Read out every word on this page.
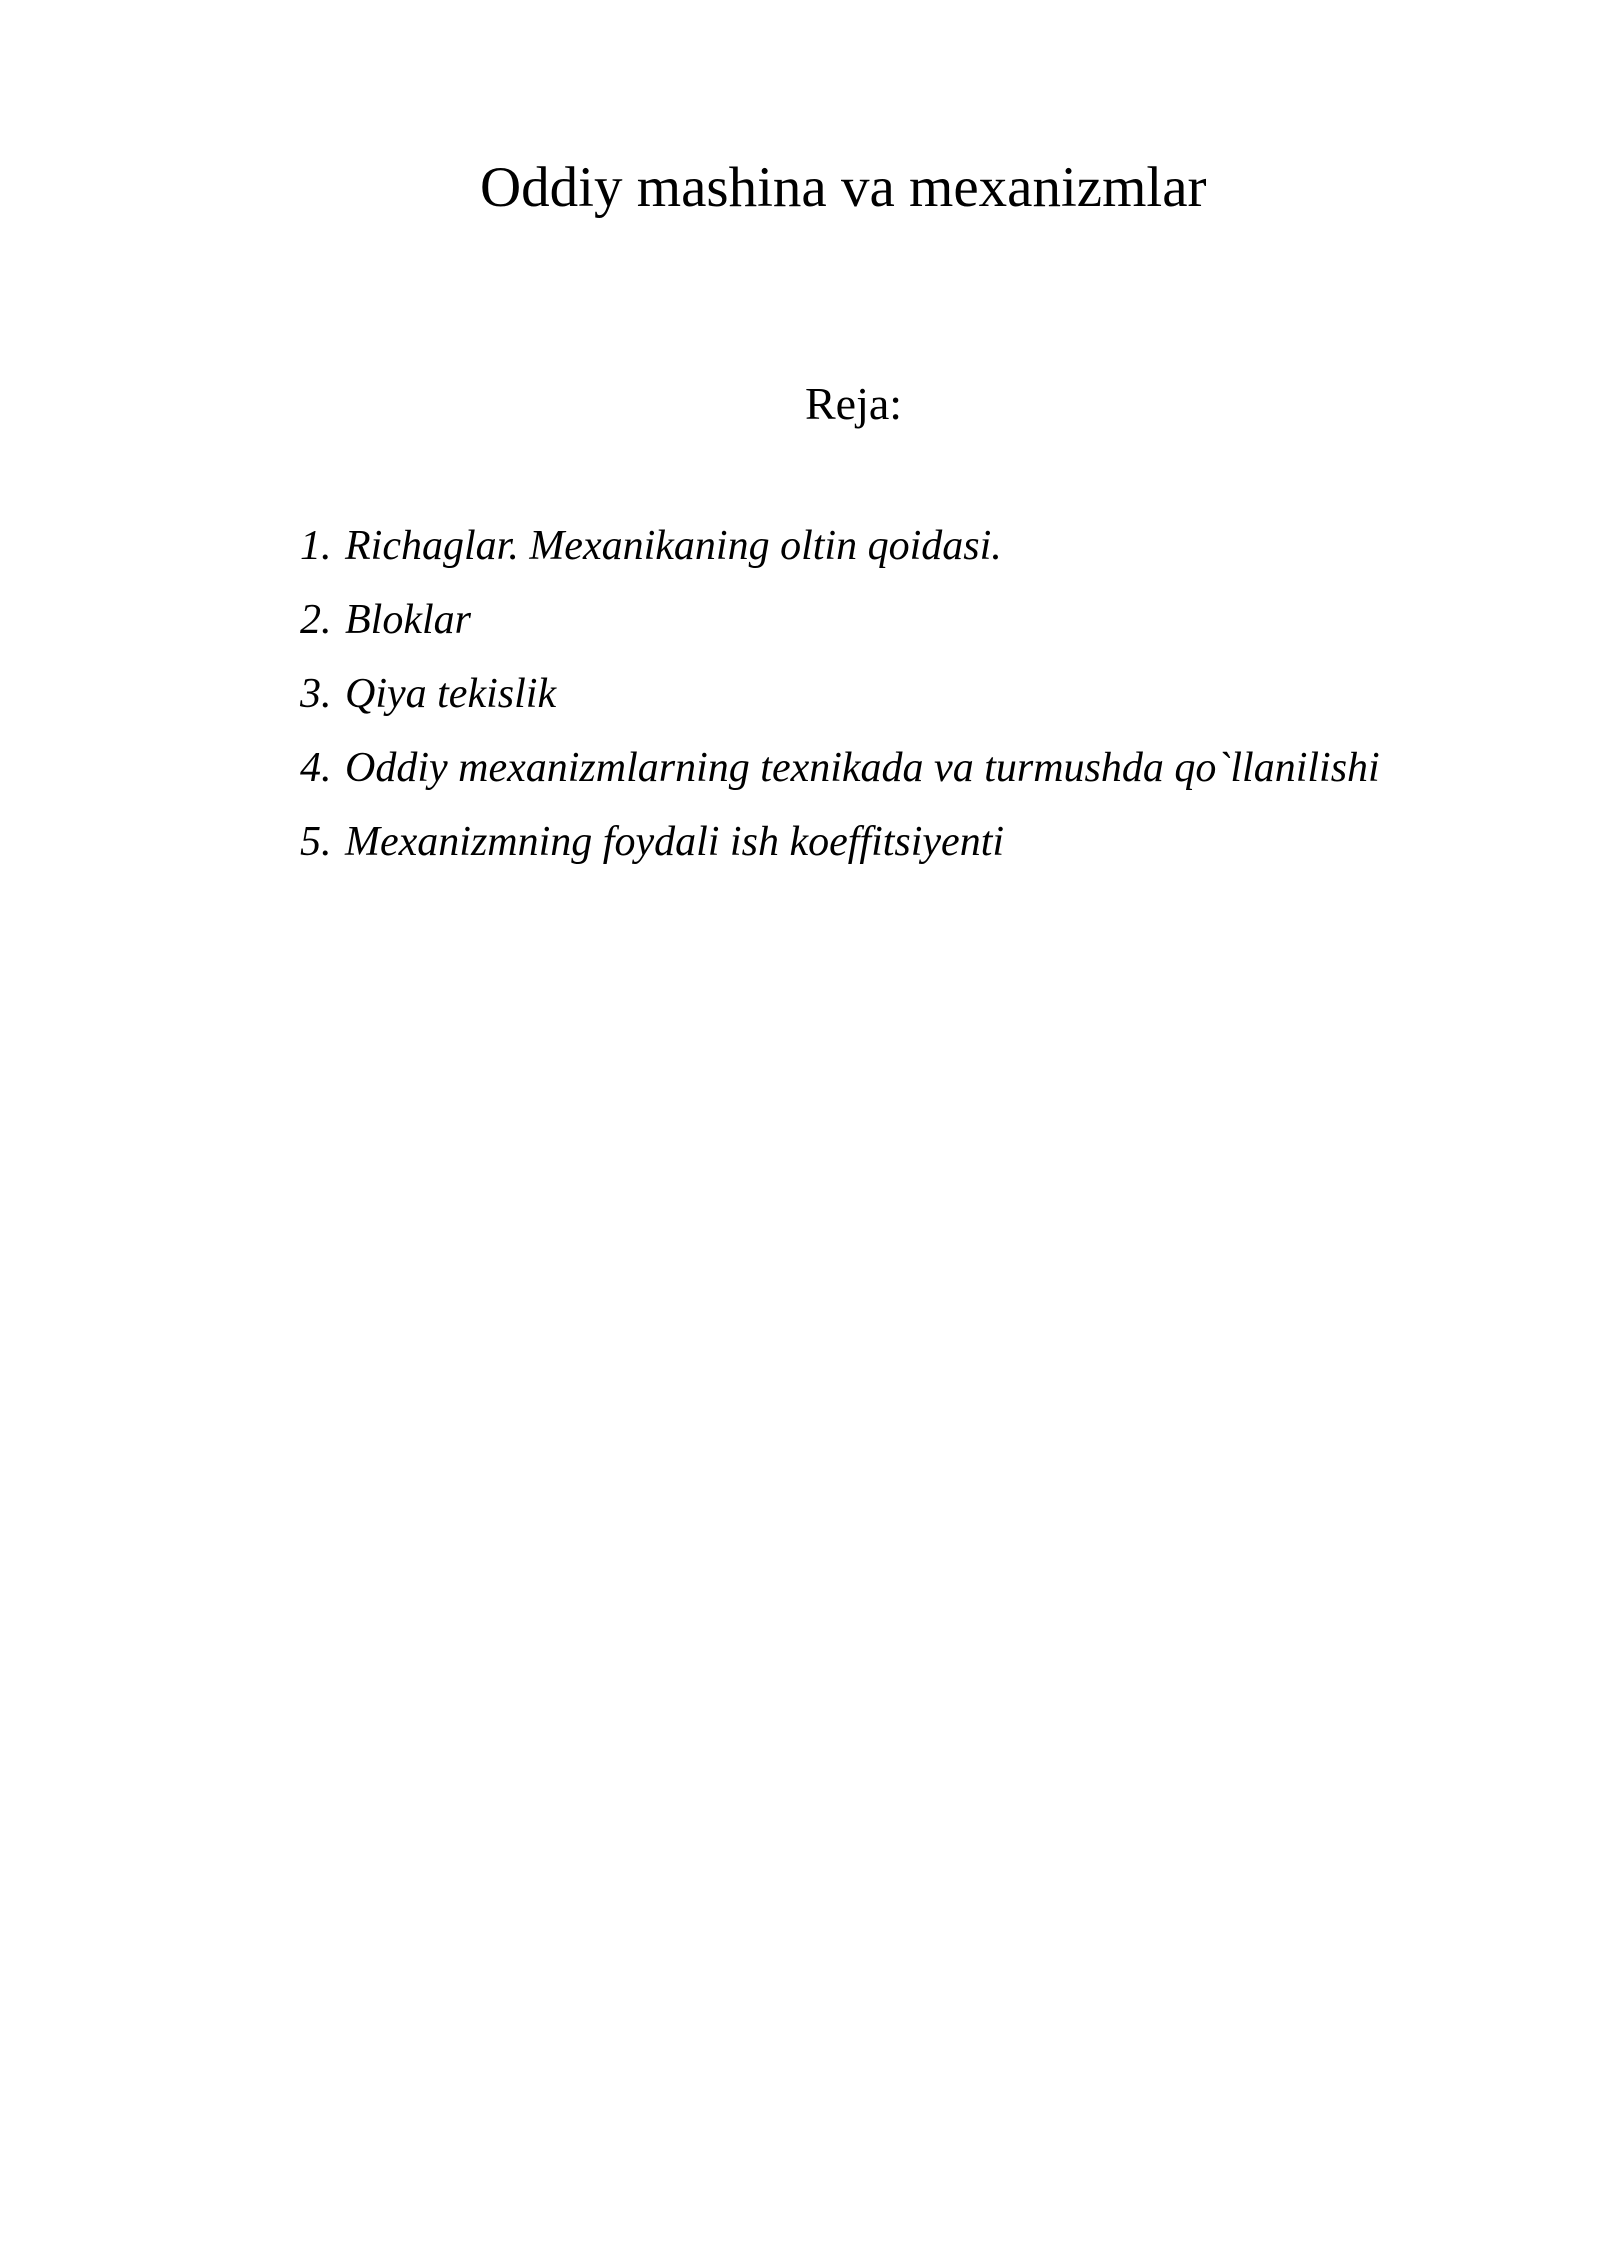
Oddiy mashina va mexanizmlar
Reja:
1. Richaglar. Mexanikaning oltin qoidasi.
2. Bloklar
3. Qiya tekislik
4. Oddiy mexanizmlarning texnikada va turmushda qo`llanilishi
5. Mexanizmning foydali ish koeffitsiyenti
